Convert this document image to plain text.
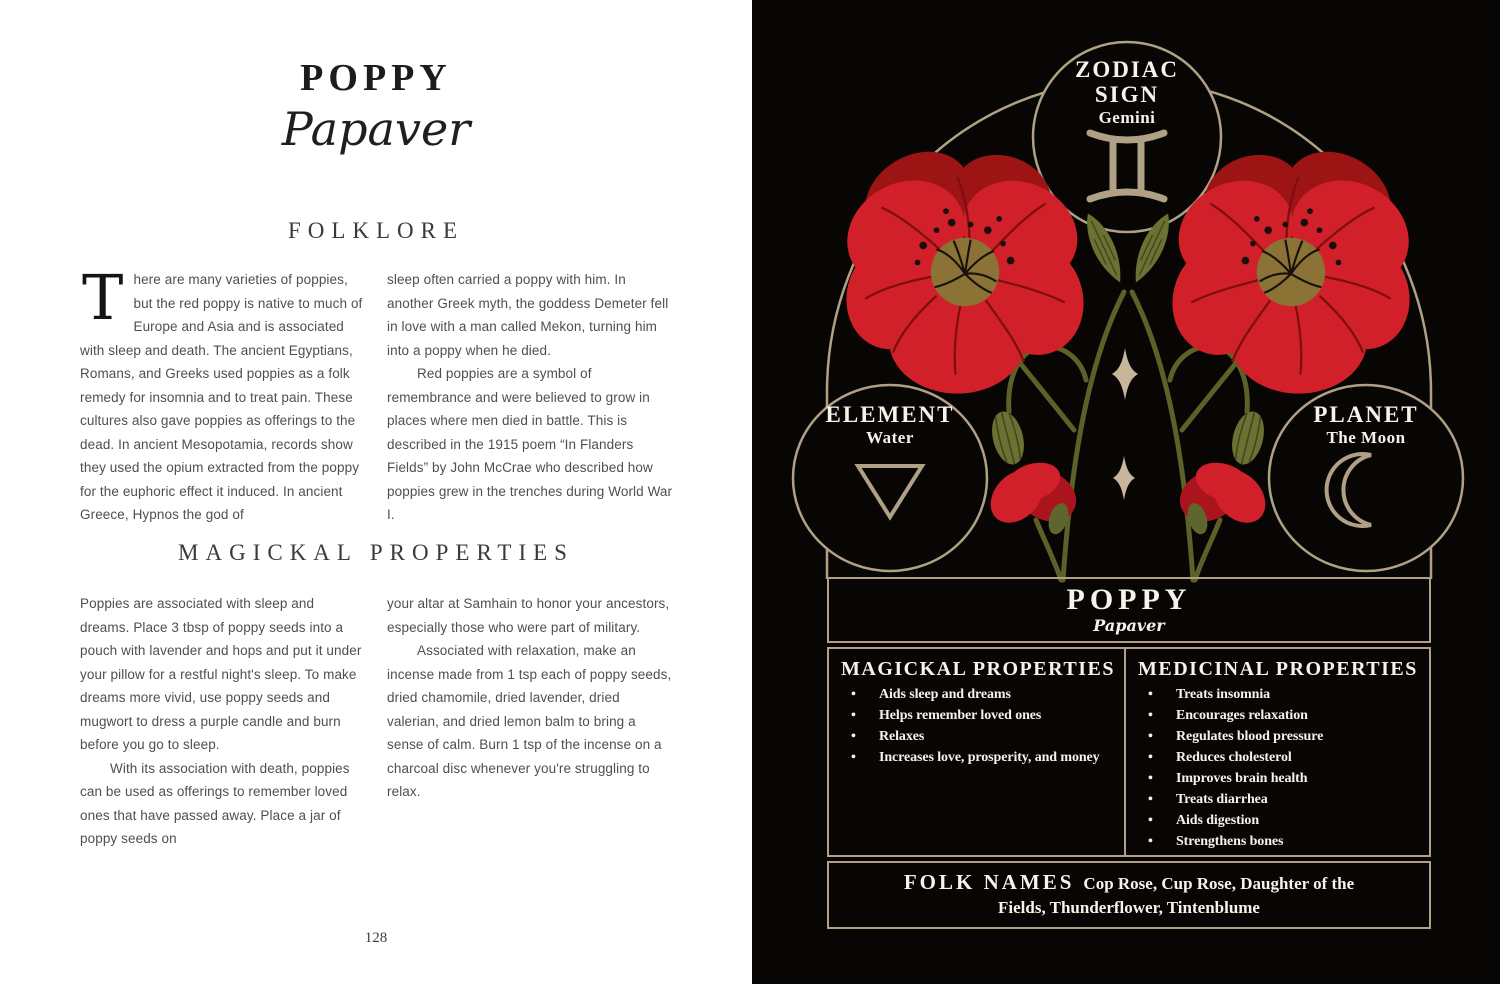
POPPY
Papaver
FOLKLORE

There are many varieties of poppies, but the red poppy is native to much of Europe and Asia and is associated with sleep and death. The ancient Egyptians, Romans, and Greeks used poppies as a folk remedy for insomnia and to treat pain. These cultures also gave poppies as offerings to the dead. In ancient Mesopotamia, records show they used the opium extracted from the poppy for the euphoric effect it induced. In ancient Greece, Hypnos the god of

sleep often carried a poppy with him. In another Greek myth, the goddess Demeter fell in love with a man called Mekon, turning him into a poppy when he died.

Red poppies are a symbol of remembrance and were believed to grow in places where men died in battle. This is described in the 1915 poem “In Flanders Fields” by John McCrae who described how poppies grew in the trenches during World War I.

MAGICKAL PROPERTIES

Poppies are associated with sleep and dreams. Place 3 tbsp of poppy seeds into a pouch with lavender and hops and put it under your pillow for a restful night's sleep. To make dreams more vivid, use poppy seeds and mugwort to dress a purple candle and burn before you go to sleep.

With its association with death, poppies can be used as offerings to remember loved ones that have passed away. Place a jar of poppy seeds on

your altar at Samhain to honor your ancestors, especially those who were part of military.

Associated with relaxation, make an incense made from 1 tsp each of poppy seeds, dried chamomile, dried lavender, dried valerian, and dried lemon balm to bring a sense of calm. Burn 1 tsp of the incense on a charcoal disc whenever you're struggling to relax.

128
ZODIAC
SIGN
Gemini
ELEMENT
Water
PLANET
The Moon
POPPY
Papaver
MAGICKAL PROPERTIES
• Aids sleep and dreams
• Helps remember loved ones
• Relaxes
• Increases love, prosperity, and money
MEDICINAL PROPERTIES
• Treats insomnia
• Encourages relaxation
• Regulates blood pressure
• Reduces cholesterol
• Improves brain health
• Treats diarrhea
• Aids digestion
• Strengthens bones
FOLK NAMES Cop Rose, Cup Rose, Daughter of the Fields, Thunderflower, Tintenblume
